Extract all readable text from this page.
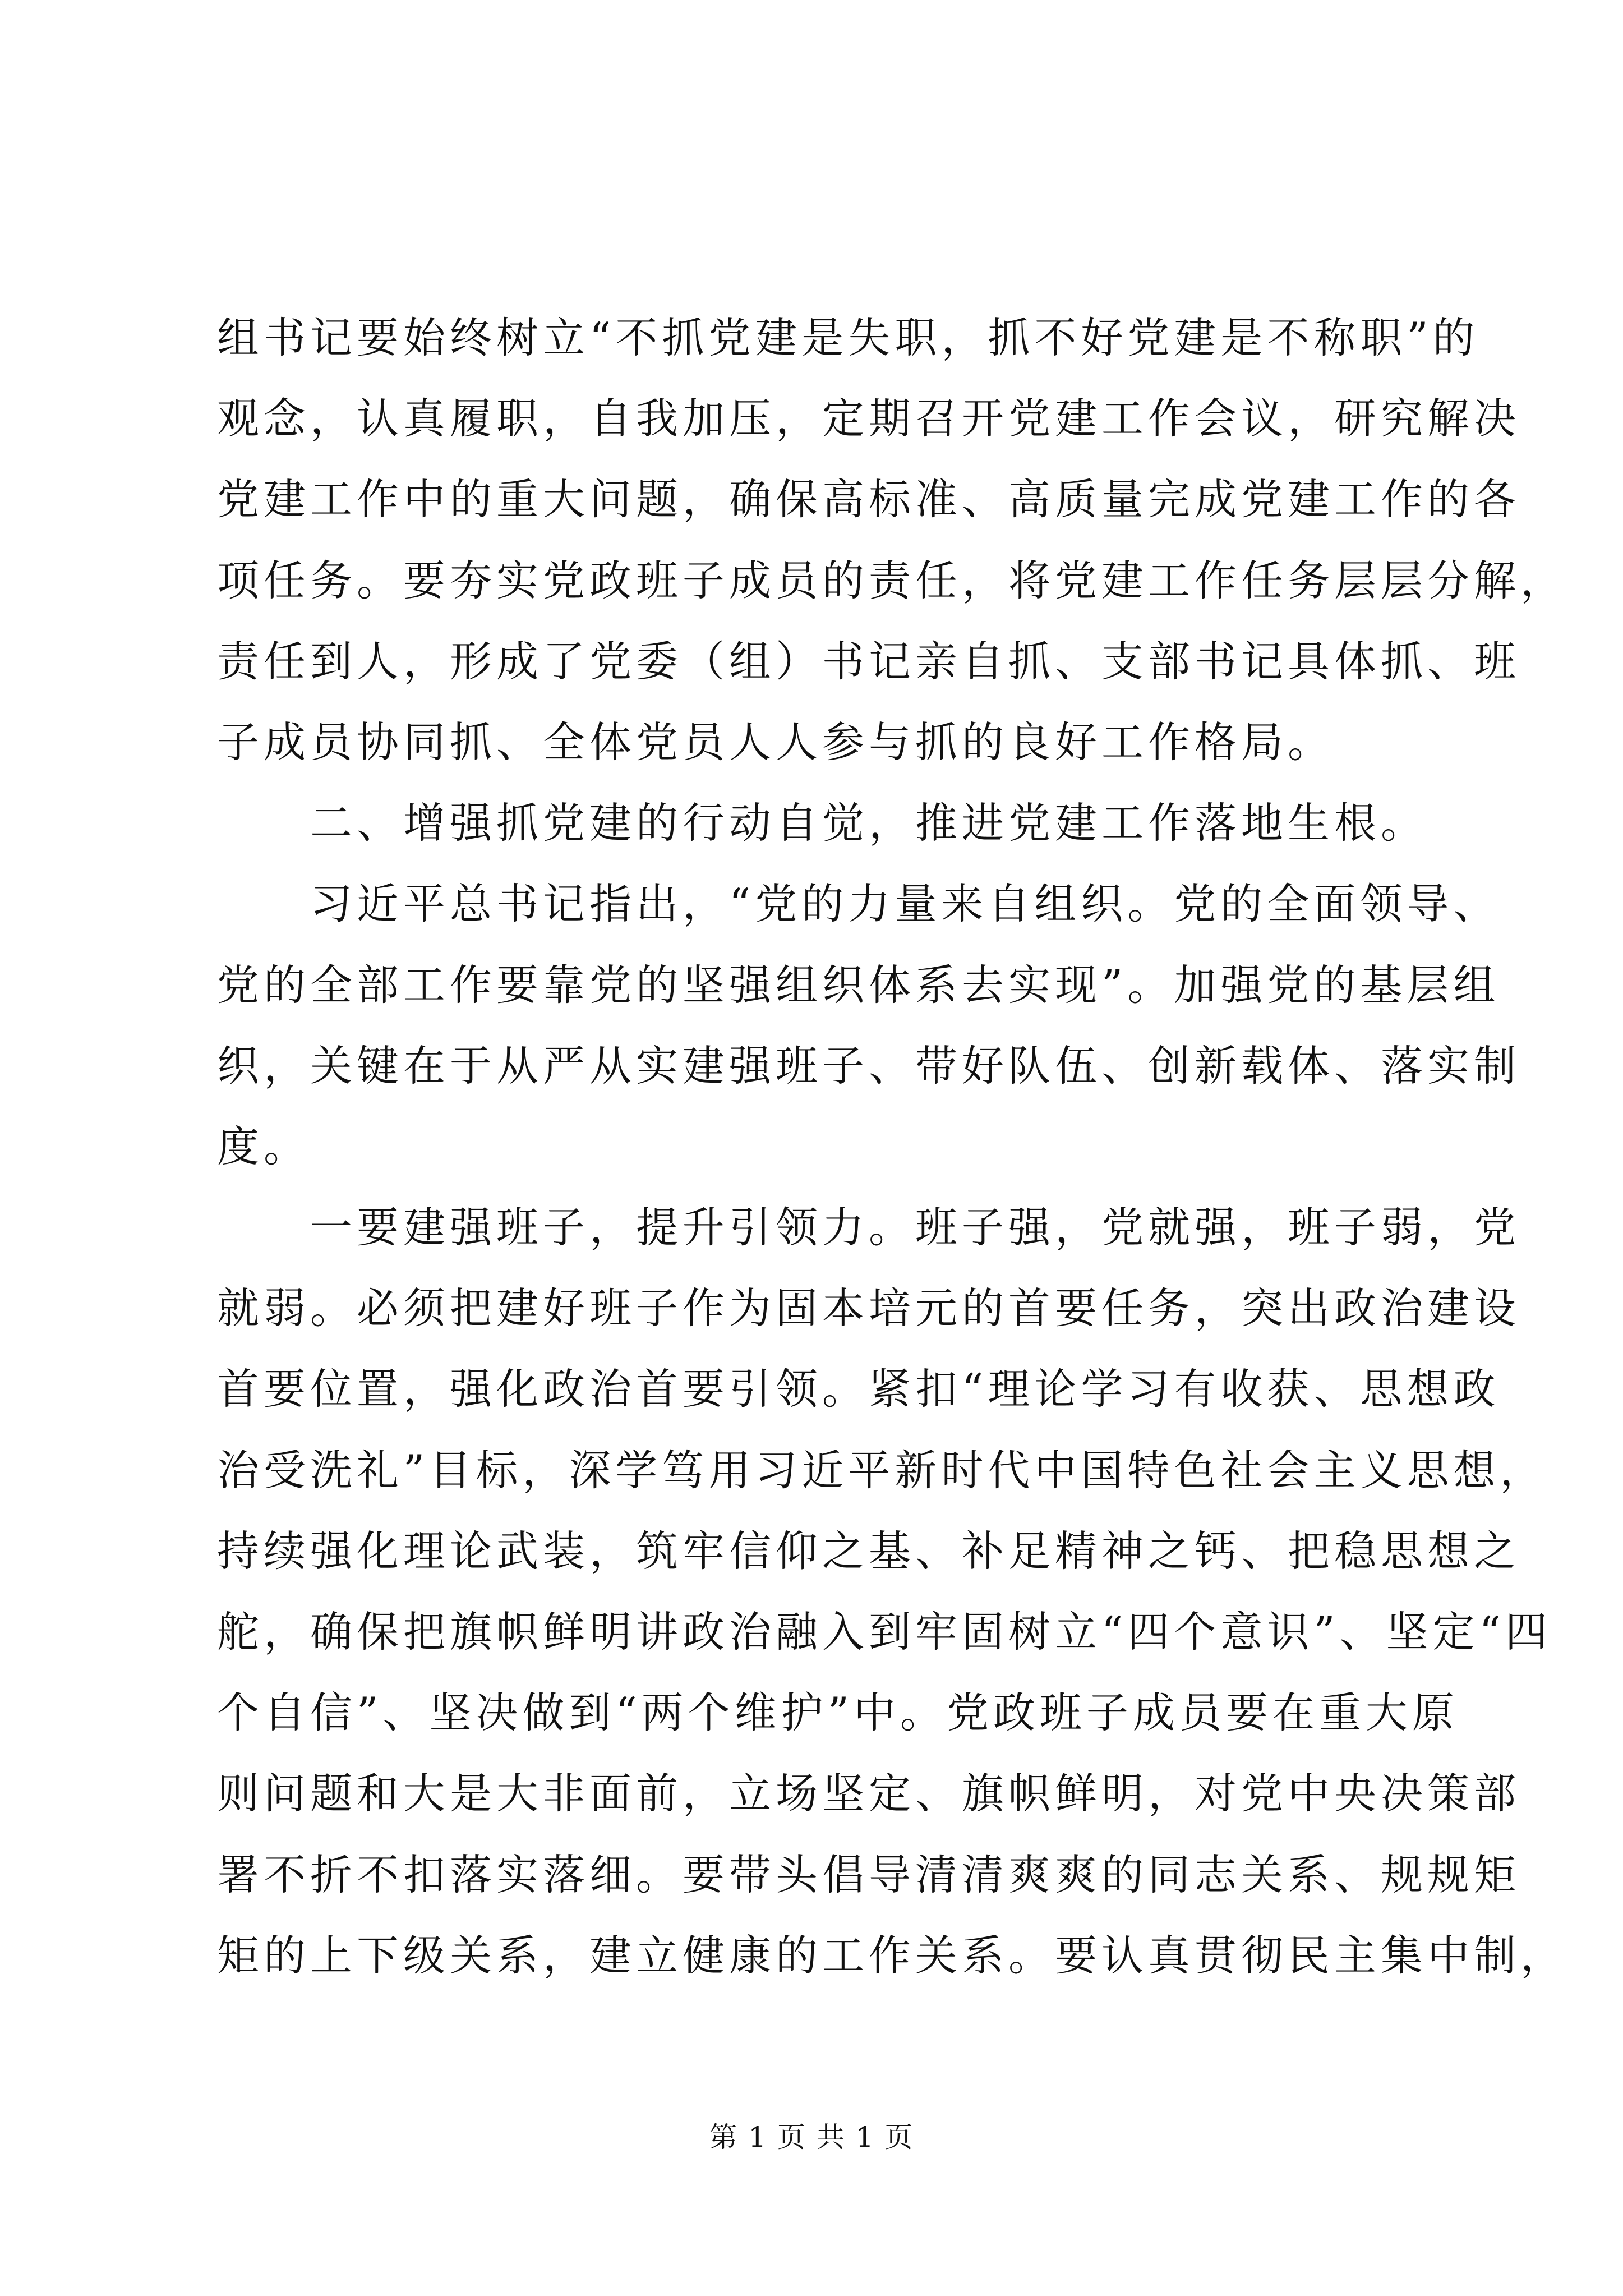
组书记要始终树立“不抓党建是失职，抓不好党建是不称职”的
观念，认真履职，自我加压，定期召开党建工作会议，研究解决
党建工作中的重大问题，确保高标准、高质量完成党建工作的各
项任务。要夯实党政班子成员的责任，将党建工作任务层层分解，
责任到人，形成了党委（组）书记亲自抓、支部书记具体抓、班
子成员协同抓、全体党员人人参与抓的良好工作格局。
二、增强抓党建的行动自觉，推进党建工作落地生根。
习近平总书记指出，“党的力量来自组织。党的全面领导、
党的全部工作要靠党的坚强组织体系去实现”。加强党的基层组
织，关键在于从严从实建强班子、带好队伍、创新载体、落实制
度。
一要建强班子，提升引领力。班子强，党就强，班子弱，党
就弱。必须把建好班子作为固本培元的首要任务，突出政治建设
首要位置，强化政治首要引领。紧扣“理论学习有收获、思想政
治受洗礼”目标，深学笃用习近平新时代中国特色社会主义思想，
持续强化理论武装，筑牢信仰之基、补足精神之钙、把稳思想之
舵，确保把旗帜鲜明讲政治融入到牢固树立“四个意识”、坚定“四
个自信”、坚决做到“两个维护”中。党政班子成员要在重大原
则问题和大是大非面前，立场坚定、旗帜鲜明，对党中央决策部
署不折不扣落实落细。要带头倡导清清爽爽的同志关系、规规矩
矩的上下级关系，建立健康的工作关系。要认真贯彻民主集中制，
第 1 页 共 1 页
